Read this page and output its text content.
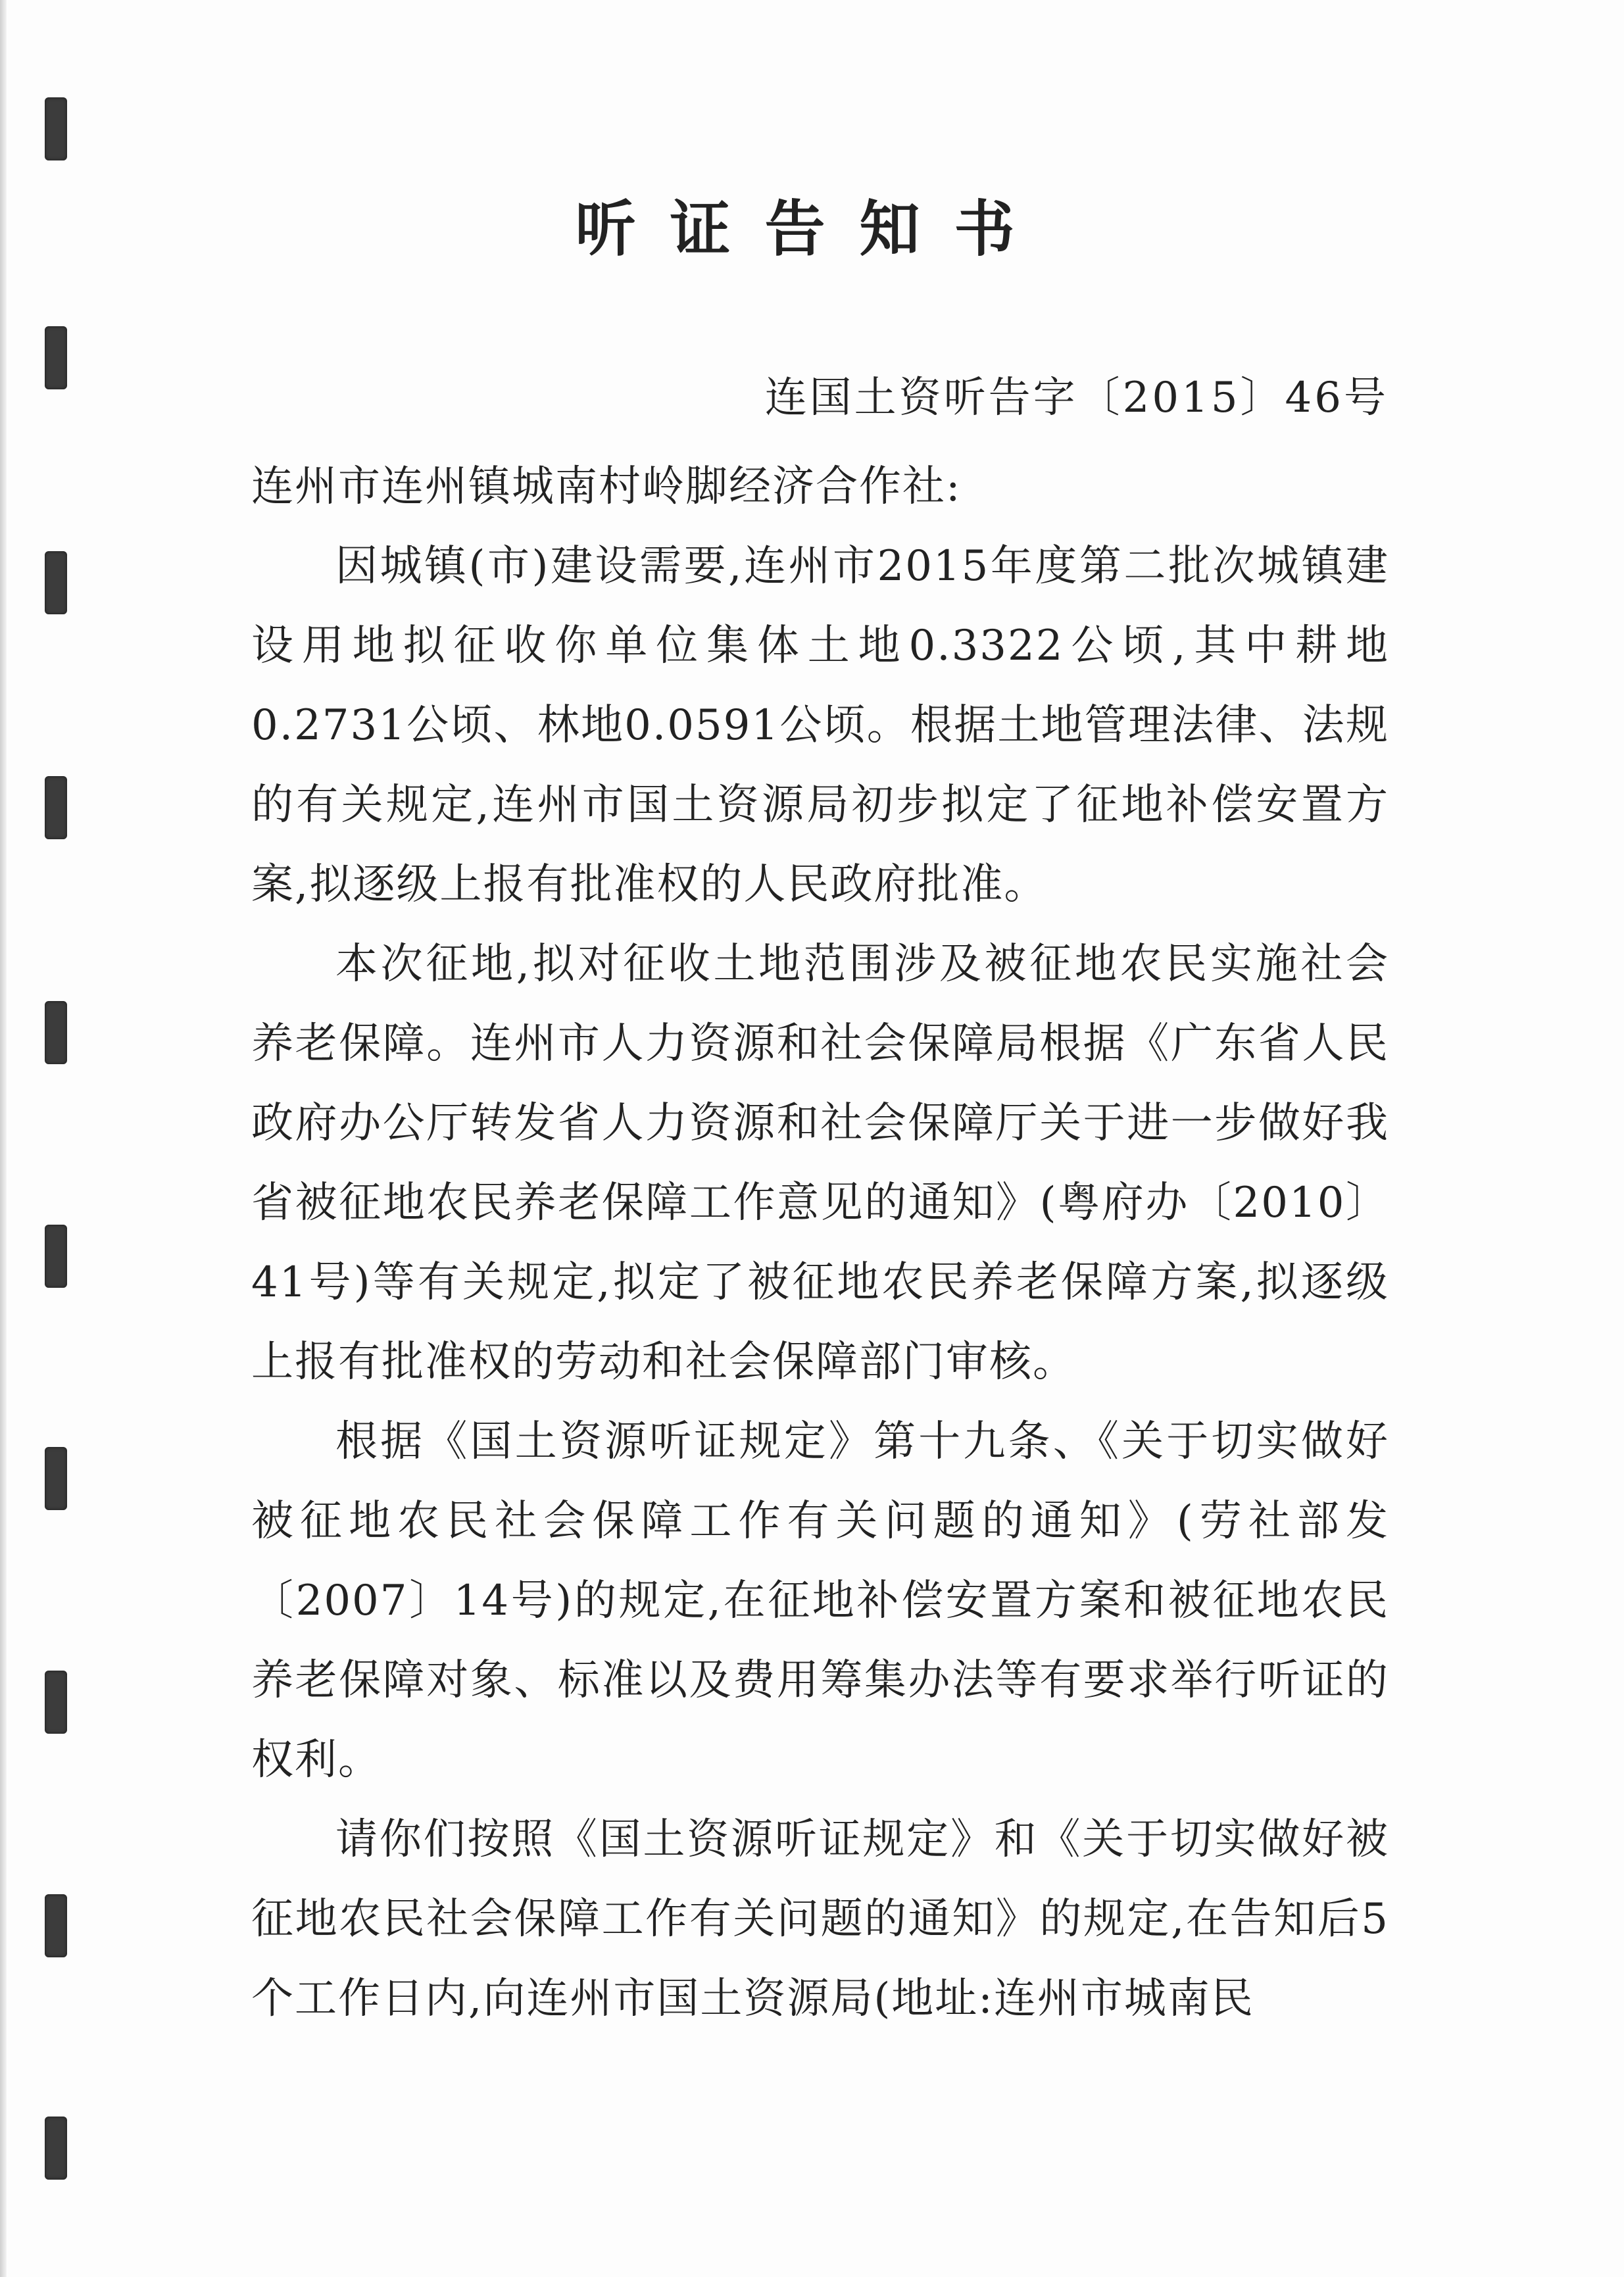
听证告知书
连国土资听告字〔2015〕46号

连州市连州镇城南村岭脚经济合作社:

因城镇(市)建设需要,连州市2015年度第二批次城镇建设用地拟征收你单位集体土地0.3322公顷,其中耕地0.2731公顷、林地0.0591公顷。根据土地管理法律、法规的有关规定,连州市国土资源局初步拟定了征地补偿安置方案,拟逐级上报有批准权的人民政府批准。

本次征地,拟对征收土地范围涉及被征地农民实施社会养老保障。连州市人力资源和社会保障局根据《广东省人民政府办公厅转发省人力资源和社会保障厅关于进一步做好我省被征地农民养老保障工作意见的通知》(粤府办〔2010〕41号)等有关规定,拟定了被征地农民养老保障方案,拟逐级上报有批准权的劳动和社会保障部门审核。

根据《国土资源听证规定》第十九条、《关于切实做好被征地农民社会保障工作有关问题的通知》(劳社部发〔2007〕14号)的规定,在征地补偿安置方案和被征地农民养老保障对象、标准以及费用筹集办法等有要求举行听证的权利。

请你们按照《国土资源听证规定》和《关于切实做好被征地农民社会保障工作有关问题的通知》的规定,在告知后5个工作日内,向连州市国土资源局(地址:连州市城南民
